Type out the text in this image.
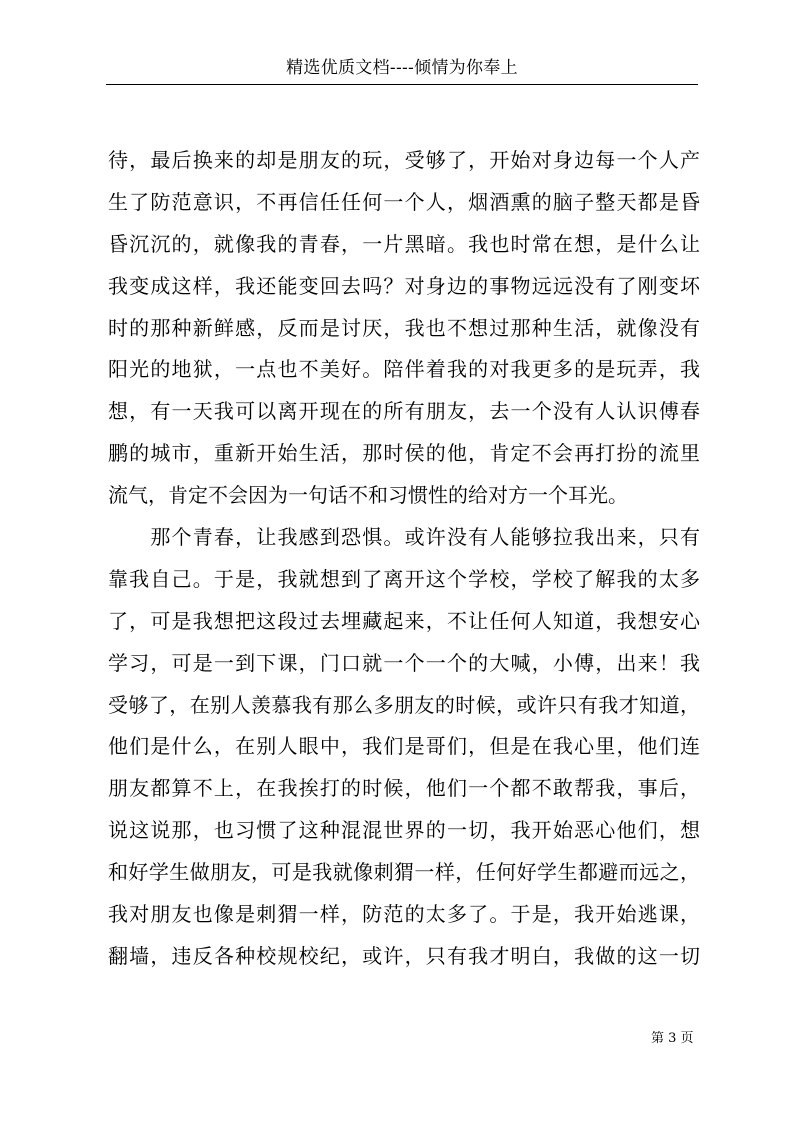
精选优质文档----倾情为你奉上
待，最后换来的却是朋友的玩，受够了，开始对身边每一个人产
生了防范意识，不再信任任何一个人，烟酒熏的脑子整天都是昏
昏沉沉的，就像我的青春，一片黑暗。我也时常在想，是什么让
我变成这样，我还能变回去吗？对身边的事物远远没有了刚变坏
时的那种新鲜感，反而是讨厌，我也不想过那种生活，就像没有
阳光的地狱，一点也不美好。陪伴着我的对我更多的是玩弄，我
想，有一天我可以离开现在的所有朋友，去一个没有人认识傅春
鹏的城市，重新开始生活，那时侯的他，肯定不会再打扮的流里
流气，肯定不会因为一句话不和习惯性的给对方一个耳光。
　　那个青春，让我感到恐惧。或许没有人能够拉我出来，只有
靠我自己。于是，我就想到了离开这个学校，学校了解我的太多
了，可是我想把这段过去埋藏起来，不让任何人知道，我想安心
学习，可是一到下课，门口就一个一个的大喊，小傅，出来！我
受够了，在别人羡慕我有那么多朋友的时候，或许只有我才知道，
他们是什么，在别人眼中，我们是哥们，但是在我心里，他们连
朋友都算不上，在我挨打的时候，他们一个都不敢帮我，事后，
说这说那，也习惯了这种混混世界的一切，我开始恶心他们，想
和好学生做朋友，可是我就像刺猬一样，任何好学生都避而远之，
我对朋友也像是刺猬一样，防范的太多了。于是，我开始逃课，
翻墙，违反各种校规校纪，或许，只有我才明白，我做的这一切
第 3 页
